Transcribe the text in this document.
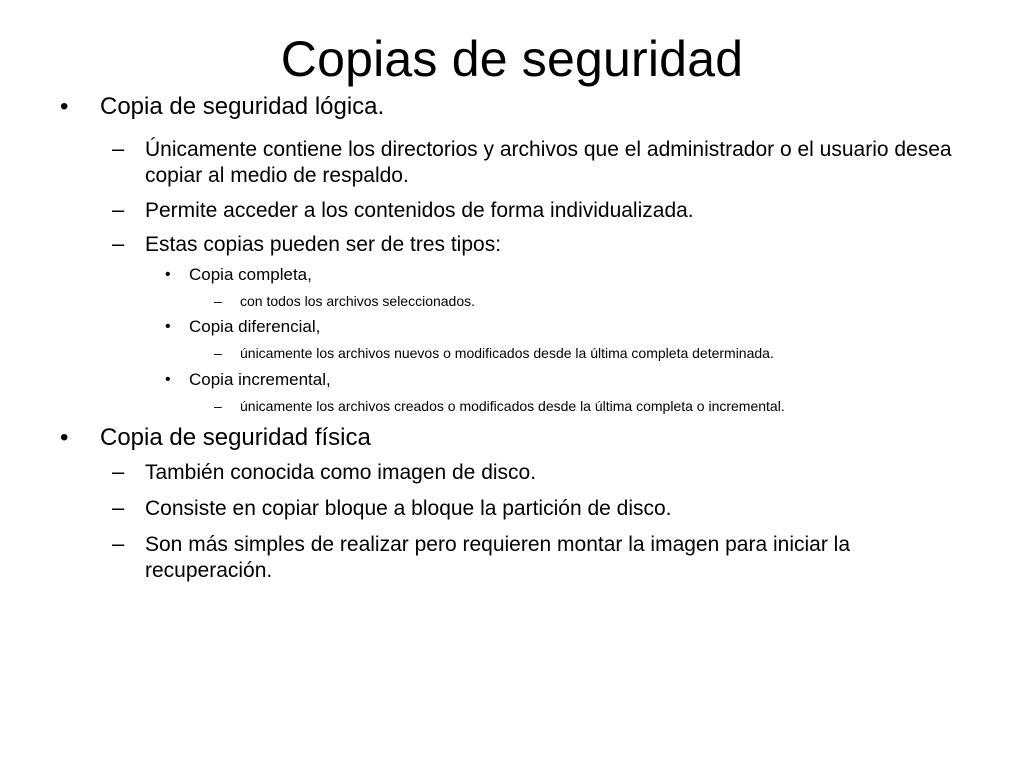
Copias de seguridad
• Copia de seguridad lógica.
– Únicamente contiene los directorios y archivos que el administrador o el usuario desea copiar al medio de respaldo.
– Permite acceder a los contenidos de forma individualizada.
– Estas copias pueden ser de tres tipos:
• Copia completa,
– con todos los archivos seleccionados.
• Copia diferencial,
– únicamente los archivos nuevos o modificados desde la última completa determinada.
• Copia incremental,
– únicamente los archivos creados o modificados desde la última completa o incremental.
• Copia de seguridad física
– También conocida como imagen de disco.
– Consiste en copiar bloque a bloque la partición de disco.
– Son más simples de realizar pero requieren montar la imagen para iniciar la recuperación.
